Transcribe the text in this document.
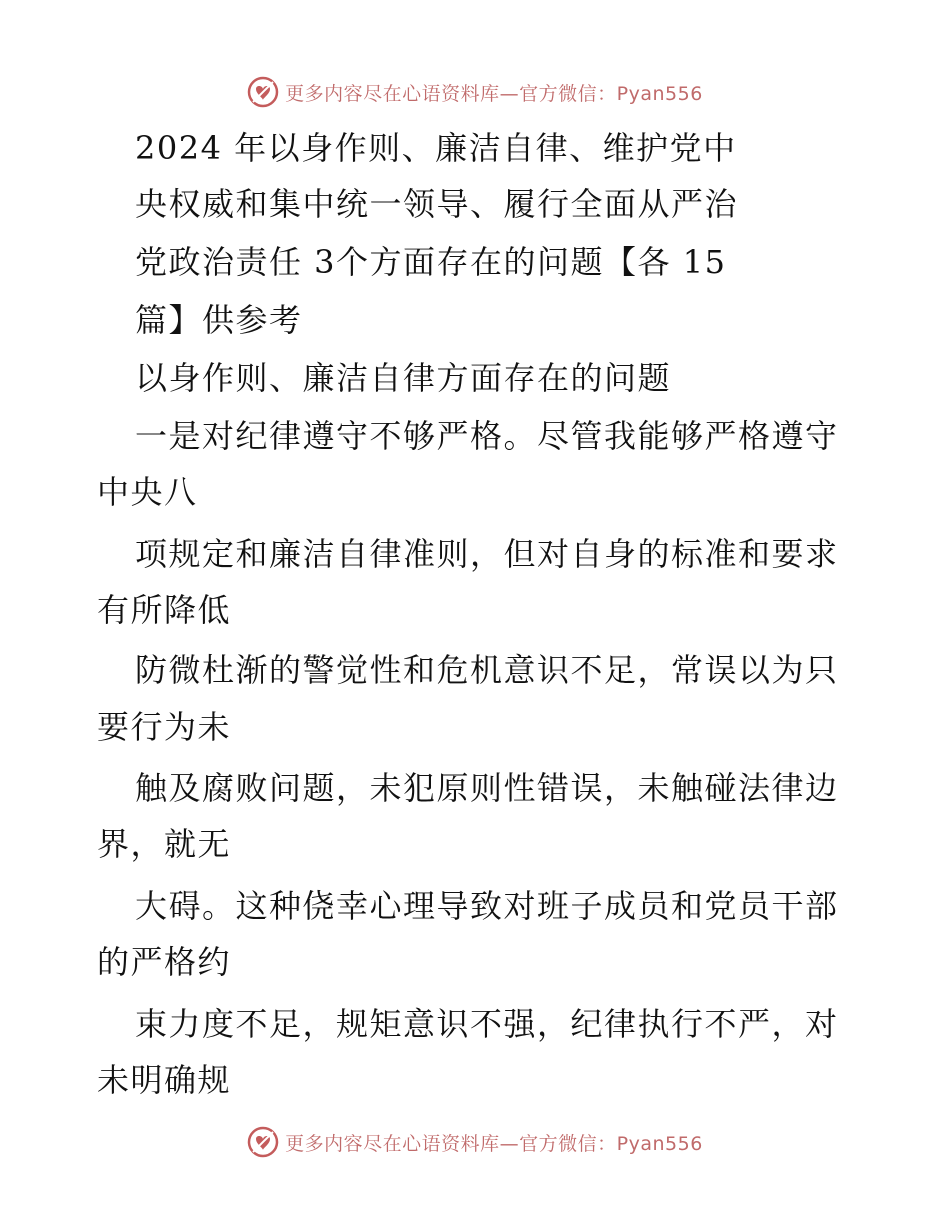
更多内容尽在心语资料库—官方微信：Pyan556
2024 年以身作则、廉洁自律、维护党中
央权威和集中统一领导、履行全面从严治
党政治责任 3个方面存在的问题【各 15
篇】供参考
以身作则、廉洁自律方面存在的问题
一是对纪律遵守不够严格。尽管我能够严格遵守
中央八
项规定和廉洁自律准则，但对自身的标准和要求
有所降低
防微杜渐的警觉性和危机意识不足，常误以为只
要行为未
触及腐败问题，未犯原则性错误，未触碰法律边
界，就无
大碍。这种侥幸心理导致对班子成员和党员干部
的严格约
束力度不足，规矩意识不强，纪律执行不严，对
未明确规
更多内容尽在心语资料库—官方微信：Pyan556
